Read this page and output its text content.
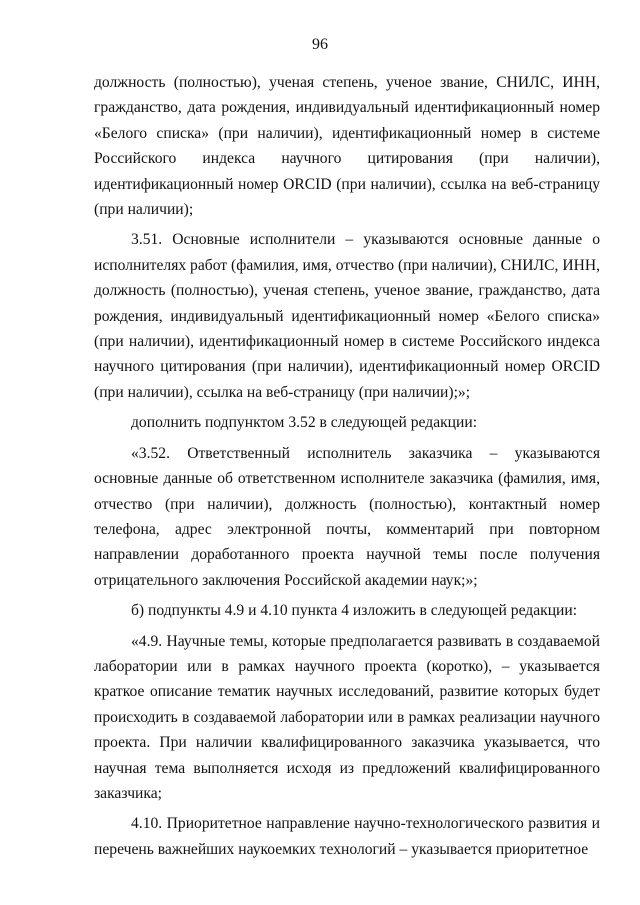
96

должность (полностью), ученая степень, ученое звание, СНИЛС, ИНН, гражданство, дата рождения, индивидуальный идентификационный номер «Белого списка» (при наличии), идентификационный номер в системе Российского индекса научного цитирования (при наличии), идентификационный номер ORCID (при наличии), ссылка на веб-страницу (при наличии);

3.51. Основные исполнители – указываются основные данные о исполнителях работ (фамилия, имя, отчество (при наличии), СНИЛС, ИНН, должность (полностью), ученая степень, ученое звание, гражданство, дата рождения, индивидуальный идентификационный номер «Белого списка» (при наличии), идентификационный номер в системе Российского индекса научного цитирования (при наличии), идентификационный номер ORCID (при наличии), ссылка на веб-страницу (при наличии);»;

дополнить подпунктом 3.52 в следующей редакции:

«3.52. Ответственный исполнитель заказчика – указываются основные данные об ответственном исполнителе заказчика (фамилия, имя, отчество (при наличии), должность (полностью), контактный номер телефона, адрес электронной почты, комментарий при повторном направлении доработанного проекта научной темы после получения отрицательного заключения Российской академии наук;»;

б) подпункты 4.9 и 4.10 пункта 4 изложить в следующей редакции:

«4.9. Научные темы, которые предполагается развивать в создаваемой лаборатории или в рамках научного проекта (коротко), – указывается краткое описание тематик научных исследований, развитие которых будет происходить в создаваемой лаборатории или в рамках реализации научного проекта. При наличии квалифицированного заказчика указывается, что научная тема выполняется исходя из предложений квалифицированного заказчика;

4.10. Приоритетное направление научно-технологического развития и перечень важнейших наукоемких технологий – указывается приоритетное
